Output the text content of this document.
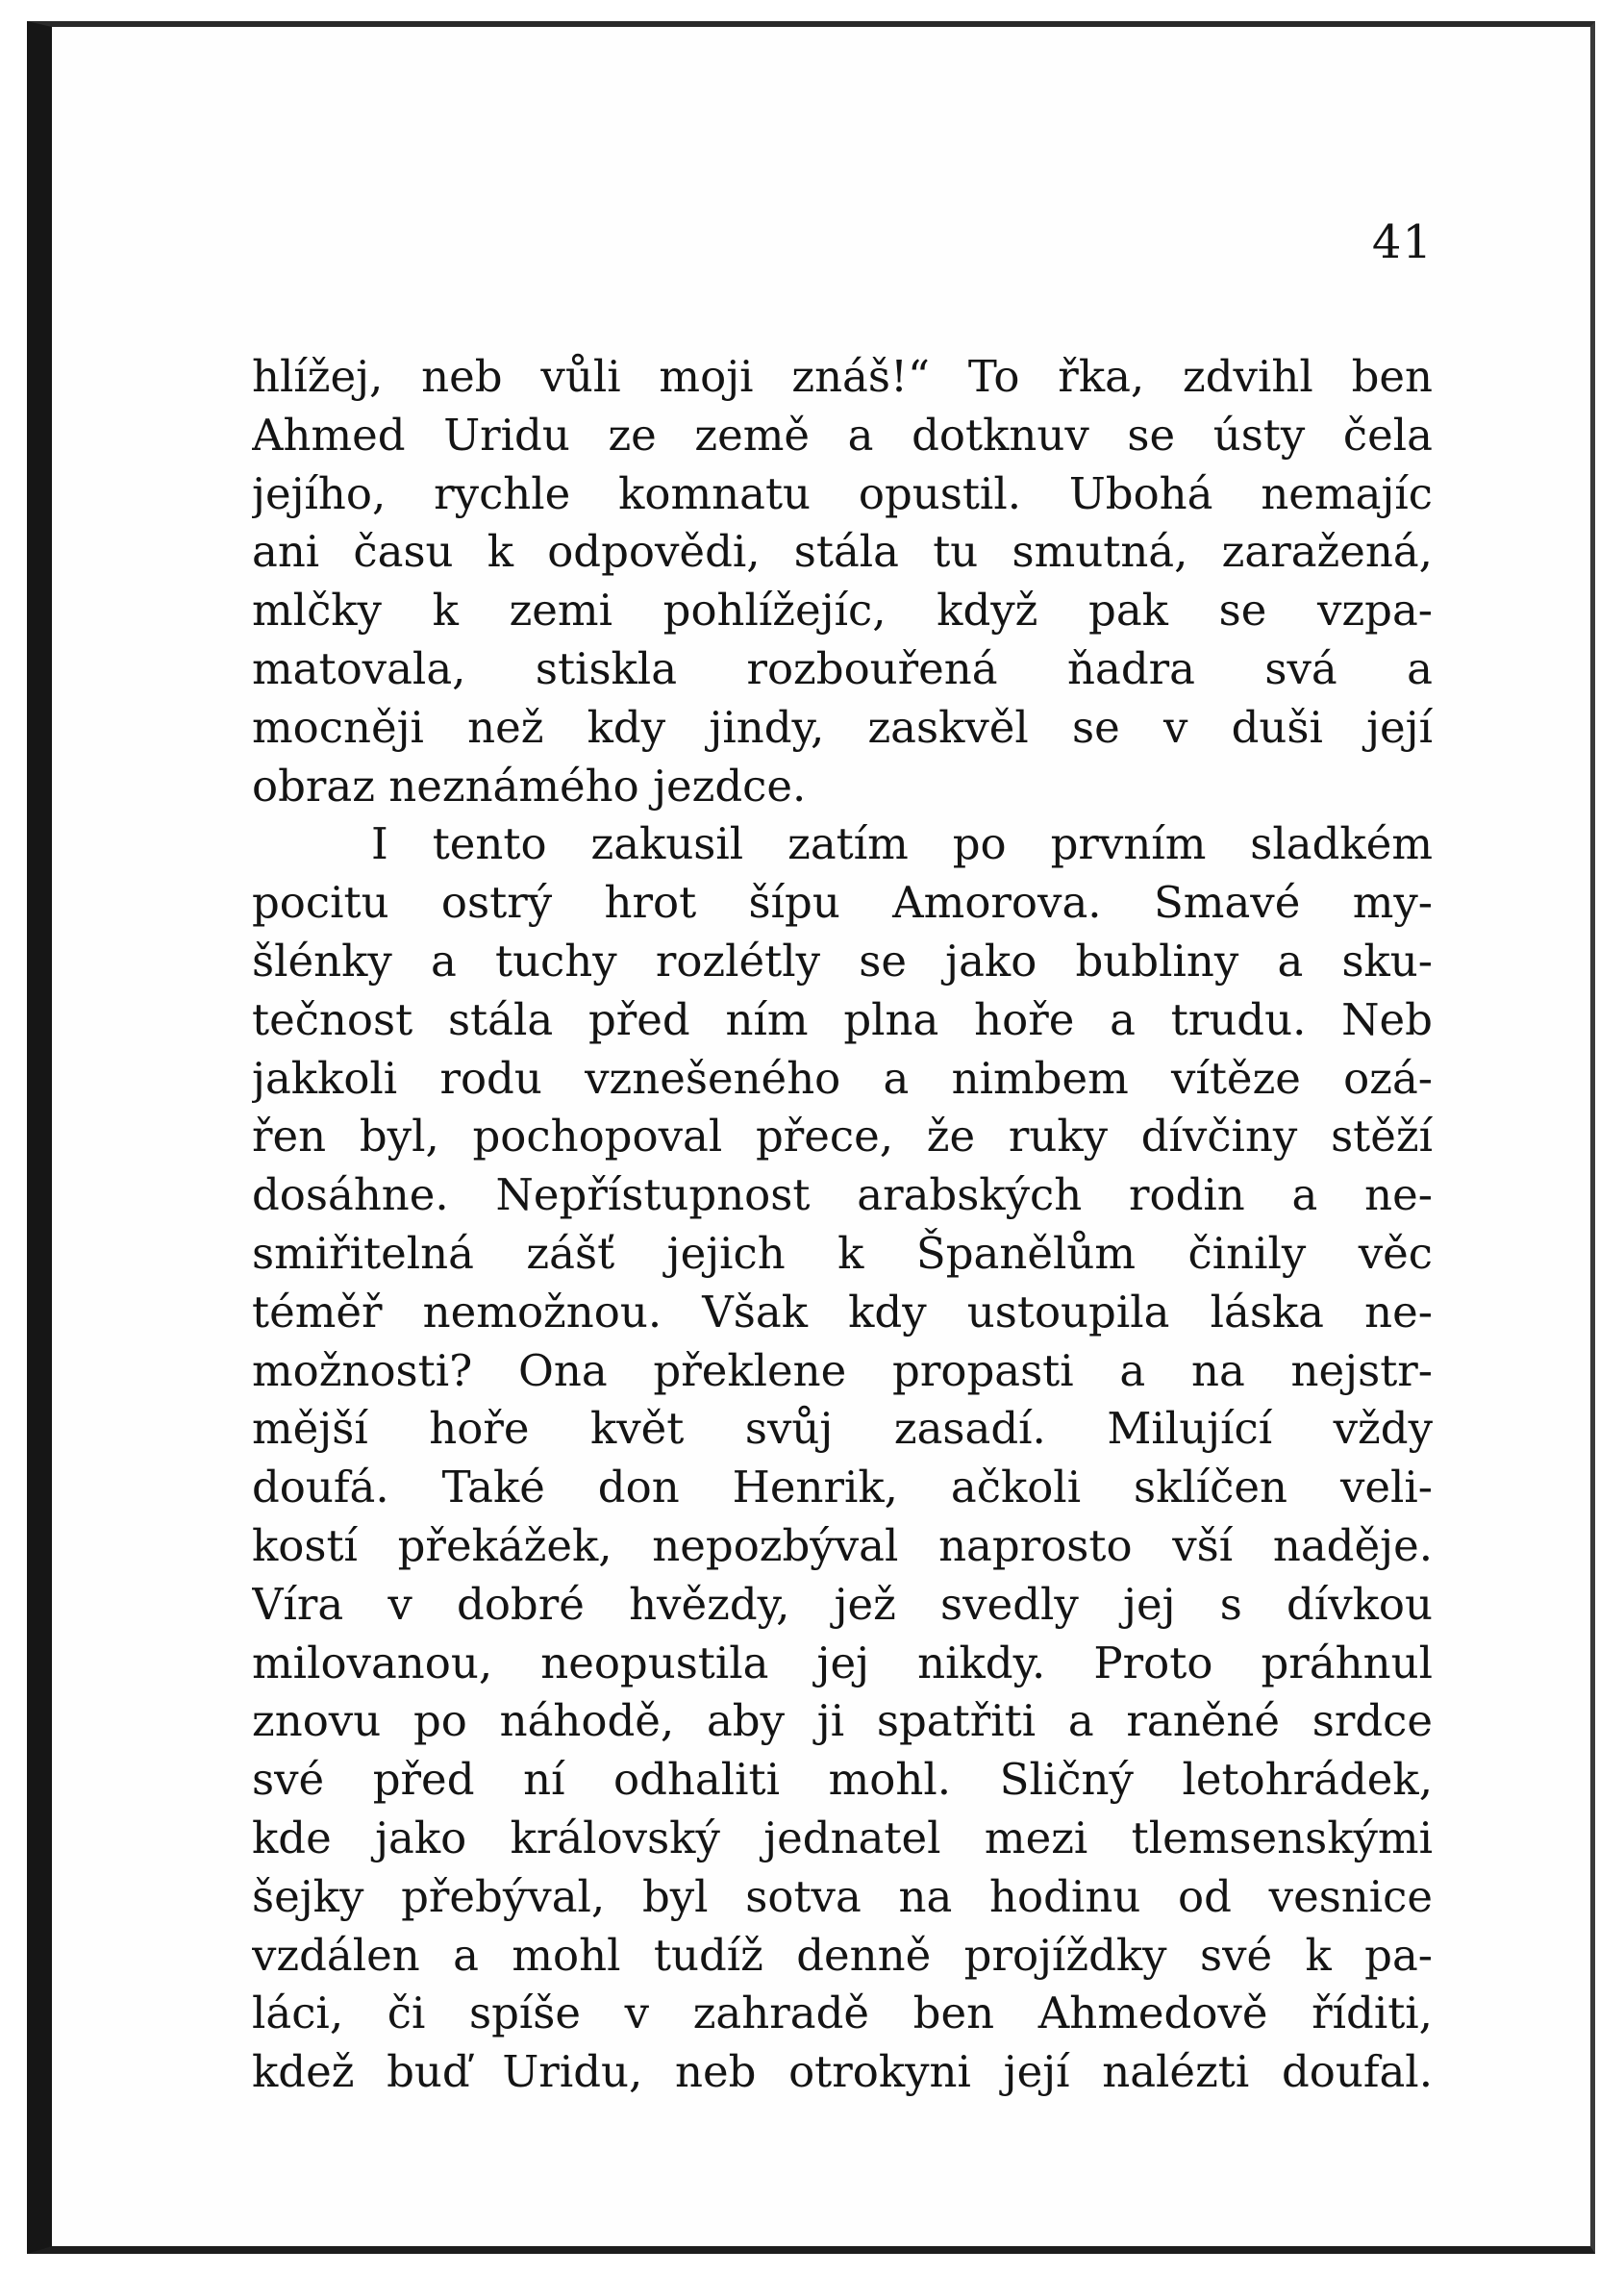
41
hlížej, neb vůli moji znáš!“ To řka, zdvihl ben
Ahmed Uridu ze země a dotknuv se ústy čela
jejího, rychle komnatu opustil. Ubohá nemajíc
ani času k odpovědi, stála tu smutná, zaražená,
mlčky k zemi pohlížejíc, když pak se vzpa-
matovala, stiskla rozbouřená ňadra svá a
mocněji než kdy jindy, zaskvěl se v duši její
obraz neznámého jezdce.
I tento zakusil zatím po prvním sladkém
pocitu ostrý hrot šípu Amorova. Smavé my-
šlénky a tuchy rozlétly se jako bubliny a sku-
tečnost stála před ním plna hoře a trudu. Neb
jakkoli rodu vznešeného a nimbem vítěze ozá-
řen byl, pochopoval přece, že ruky dívčiny stěží
dosáhne. Nepřístupnost arabských rodin a ne-
smiřitelná zášť jejich k Španělům činily věc
téměř nemožnou. Však kdy ustoupila láska ne-
možnosti? Ona překlene propasti a na nejstr-
mější hoře květ svůj zasadí. Milující vždy
doufá. Také don Henrik, ačkoli sklíčen veli-
kostí překážek, nepozbýval naprosto vší naděje.
Víra v dobré hvězdy, jež svedly jej s dívkou
milovanou, neopustila jej nikdy. Proto práhnul
znovu po náhodě, aby ji spatřiti a raněné srdce
své před ní odhaliti mohl. Sličný letohrádek,
kde jako královský jednatel mezi tlemsenskými
šejky přebýval, byl sotva na hodinu od vesnice
vzdálen a mohl tudíž denně projíždky své k pa-
láci, či spíše v zahradě ben Ahmedově říditi,
kdež buď Uridu, neb otrokyni její nalézti doufal.
